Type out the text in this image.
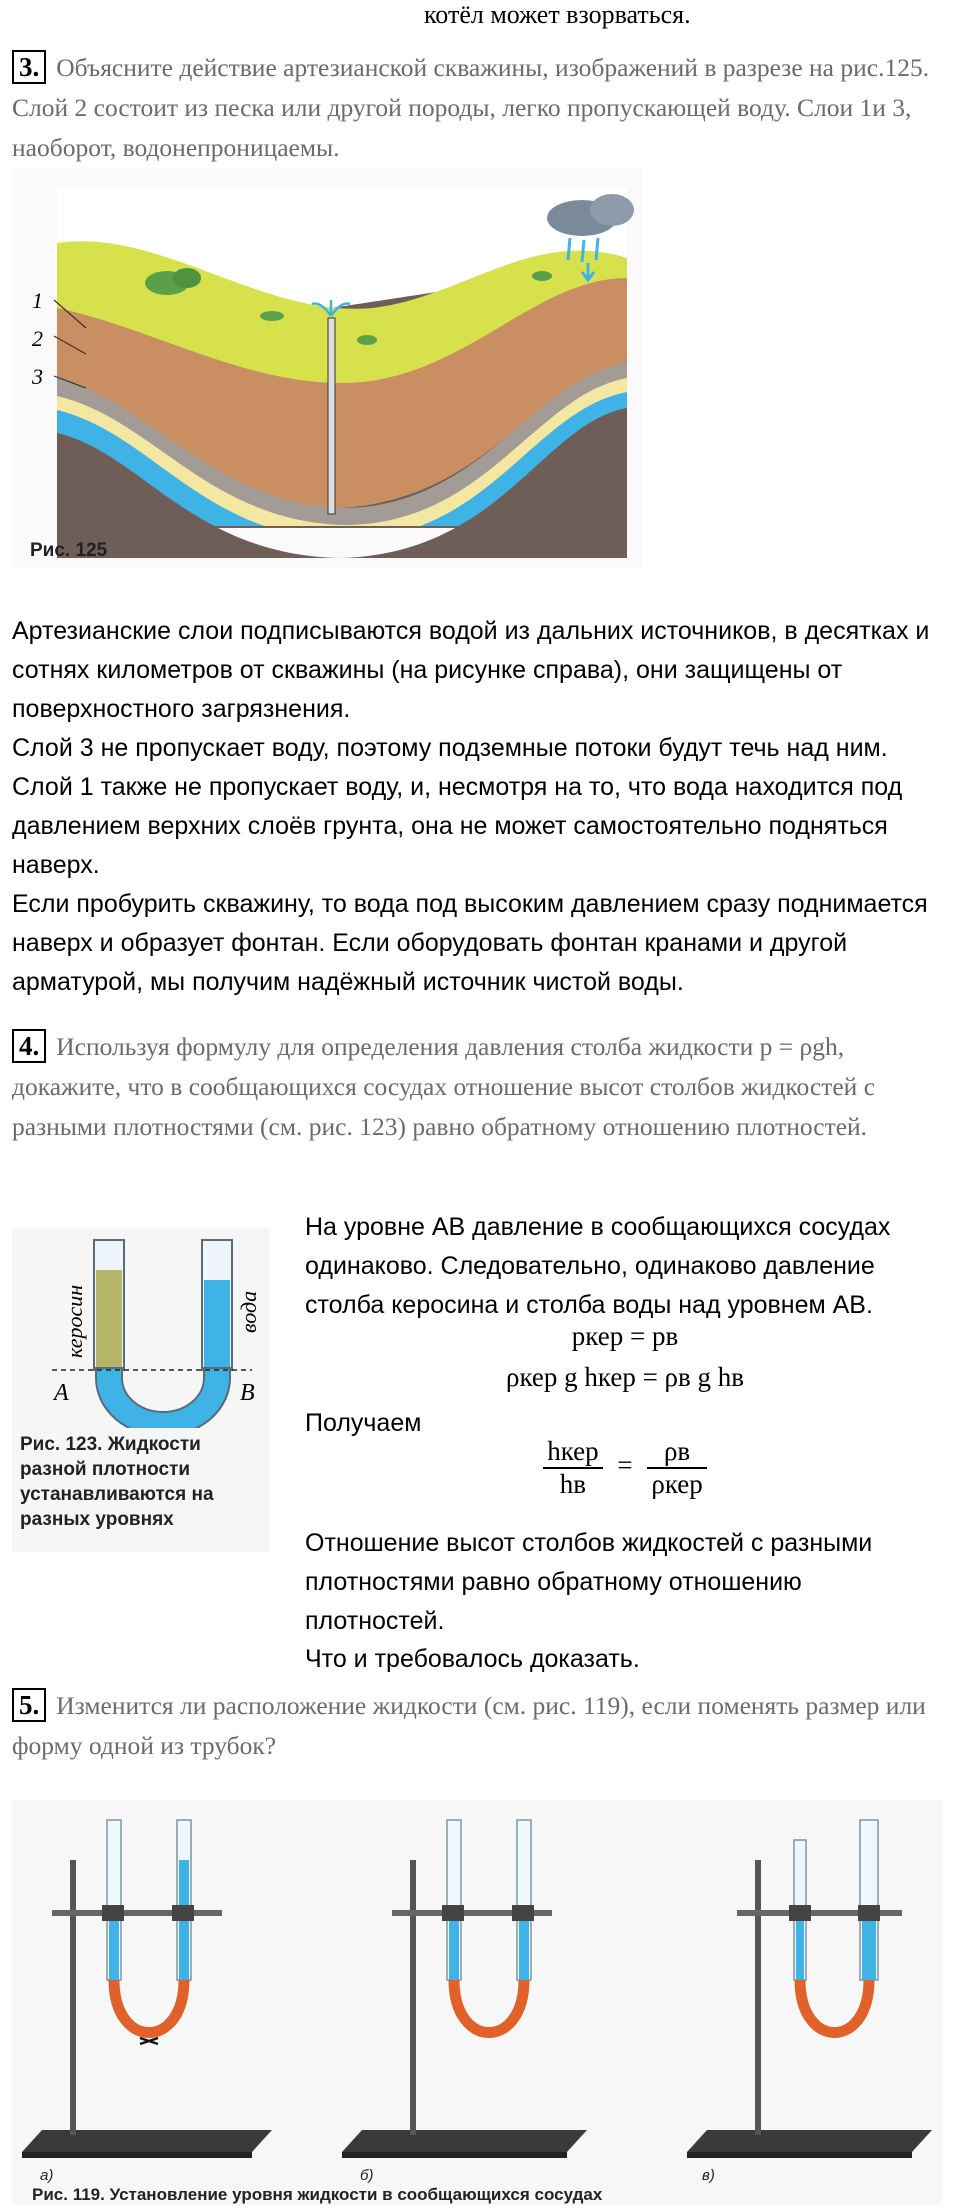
котёл может взорваться.
3. Объясните действие артезианской скважины, изображений в разрезе на рис.125. Слой 2 состоит из песка или другой породы, легко пропускающей воду. Слои 1и 3, наоборот, водонепроницаемы.
1
2
3
Рис. 125

Артезианские слои подписываются водой из дальних источников, в десятках и сотнях километров от скважины (на рисунке справа), они защищены от поверхностного загрязнения.

Слой 3 не пропускает воду, поэтому подземные потоки будут течь над ним. Слой 1 также не пропускает воду, и, несмотря на то, что вода находится под давлением верхних слоёв грунта, она не может самостоятельно подняться наверх.

Если пробурить скважину, то вода под высоким давлением сразу поднимается наверх и образует фонтан. Если оборудовать фонтан кранами и другой арматурой, мы получим надёжный источник чистой воды.

4. Используя формулу для определения давления столба жидкости p = ρgh, докажите, что в сообщающихся сосудах отношение высот столбов жидкостей с разными плотностями (см. рис. 123) равно обратному отношению плотностей.
A	B
керосин	вода
Рис. 123. Жидкости разной плотности устанавливаются на разных уровнях
На уровне AB давление в сообщающихся сосудах одинаково. Следовательно, одинаково давление столба керосина и столба воды над уровнем AB.
pкер = pв
ρкер g hкер = ρв g hв
Получаем
$\frac{\text{hкер}}{hв} = \frac{\rho в}{\text{ρкер}}$
Отношение высот столбов жидкостей с разными плотностями равно обратному отношению плотностей.
Что и требовалось доказать.
5. Изменится ли расположение жидкости (см. рис. 119), если поменять размер или форму одной из трубок?
а)	б)	в)
Рис. 119. Установление уровня жидкости в сообщающихся сосудах
